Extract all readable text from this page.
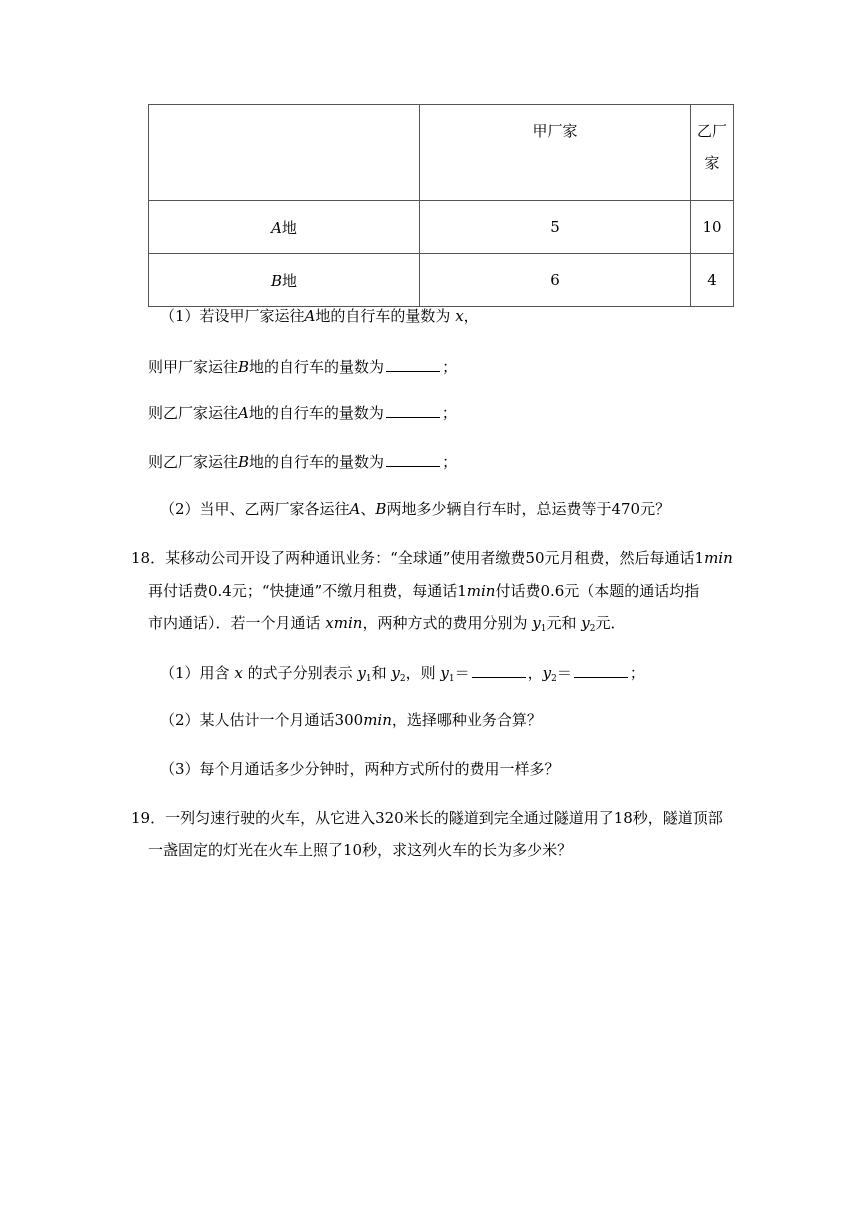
	甲厂家	乙厂家
A地	5	10
B地	6	4
（1）若设甲厂家运往A地的自行车的量数为 x，
则甲厂家运往B地的自行车的量数为	；
则乙厂家运往A地的自行车的量数为	；
则乙厂家运往B地的自行车的量数为	；
（2）当甲、乙两厂家各运往A、B两地多少辆自行车时，总运费等于470元？
18．某移动公司开设了两种通讯业务：“全球通”使用者缴费50元月租费，然后每通话1min
再付话费0.4元；“快捷通”不缴月租费，每通话1min付话费0.6元（本题的通话均指
市内通话）．若一个月通话 xmin，两种方式的费用分别为 $y_1$元和 $y_2$元．
（1）用含 x 的式子分别表示 $y_1$和 $y_2$，则 $y_1=$	，$y_2=$	；
（2）某人估计一个月通话300min，选择哪种业务合算？
（3）每个月通话多少分钟时，两种方式所付的费用一样多？
19．一列匀速行驶的火车，从它进入320米长的隧道到完全通过隧道用了18秒，隧道顶部
一盏固定的灯光在火车上照了10秒，求这列火车的长为多少米？
